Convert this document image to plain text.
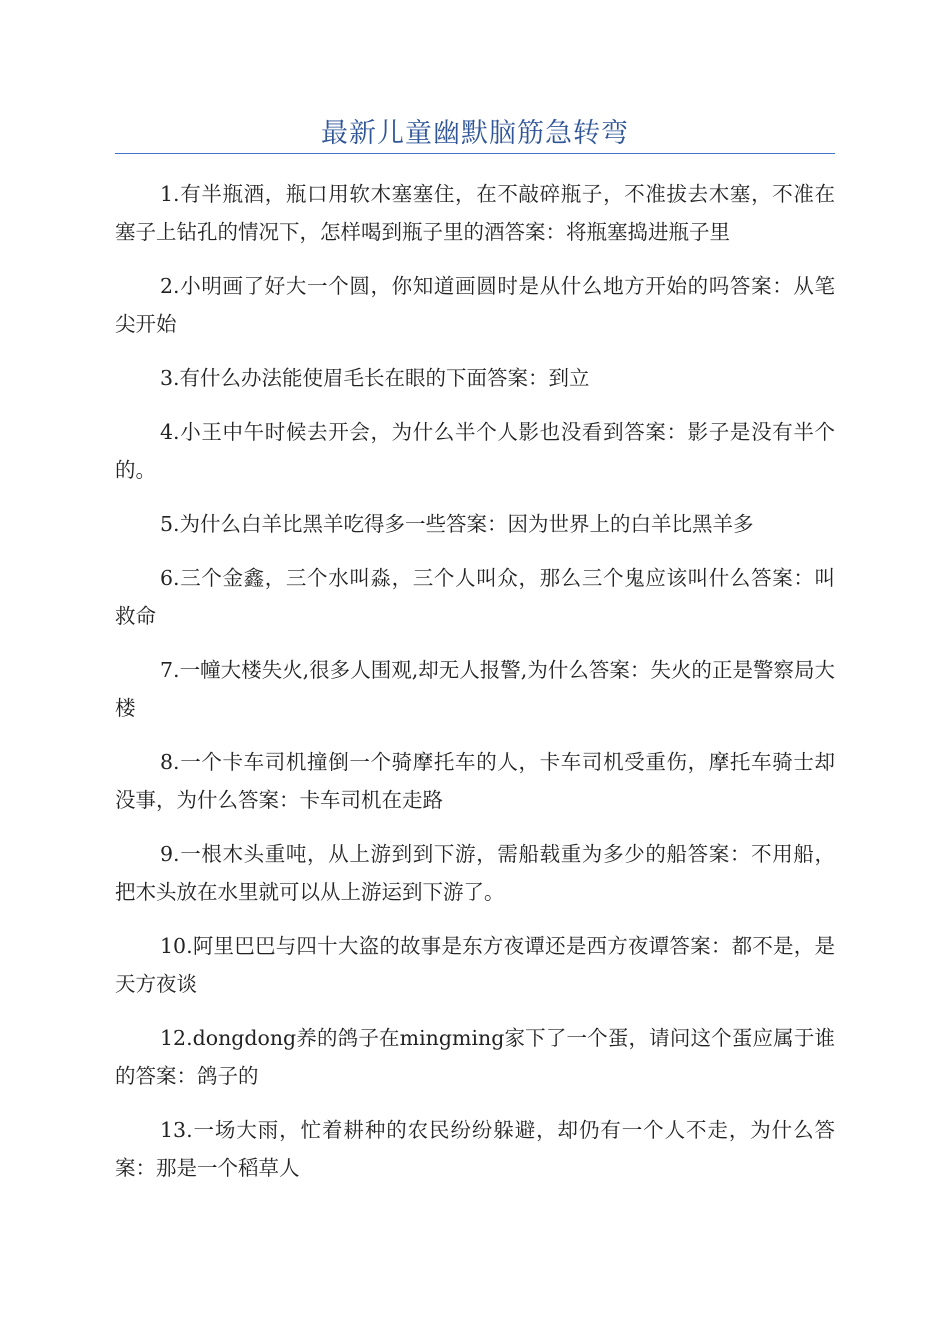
最新儿童幽默脑筋急转弯

1.有半瓶酒，瓶口用软木塞塞住，在不敲碎瓶子，不准拔去木塞，不准在塞子上钻孔的情况下，怎样喝到瓶子里的酒答案：将瓶塞捣进瓶子里

2.小明画了好大一个圆，你知道画圆时是从什么地方开始的吗答案：从笔尖开始

3.有什么办法能使眉毛长在眼的下面答案：到立

4.小王中午时候去开会，为什么半个人影也没看到答案：影子是没有半个的。

5.为什么白羊比黑羊吃得多一些答案：因为世界上的白羊比黑羊多

6.三个金鑫，三个水叫淼，三个人叫众，那么三个鬼应该叫什么答案：叫救命

7.一幢大楼失火,很多人围观,却无人报警,为什么答案：失火的正是警察局大楼

8.一个卡车司机撞倒一个骑摩托车的人，卡车司机受重伤，摩托车骑士却没事，为什么答案：卡车司机在走路

9.一根木头重吨，从上游到到下游，需船载重为多少的船答案：不用船，把木头放在水里就可以从上游运到下游了。

10.阿里巴巴与四十大盗的故事是东方夜谭还是西方夜谭答案：都不是，是天方夜谈

12.dongdong养的鸽子在mingming家下了一个蛋，请问这个蛋应属于谁的答案：鸽子的

13.一场大雨，忙着耕种的农民纷纷躲避，却仍有一个人不走，为什么答案：那是一个稻草人
